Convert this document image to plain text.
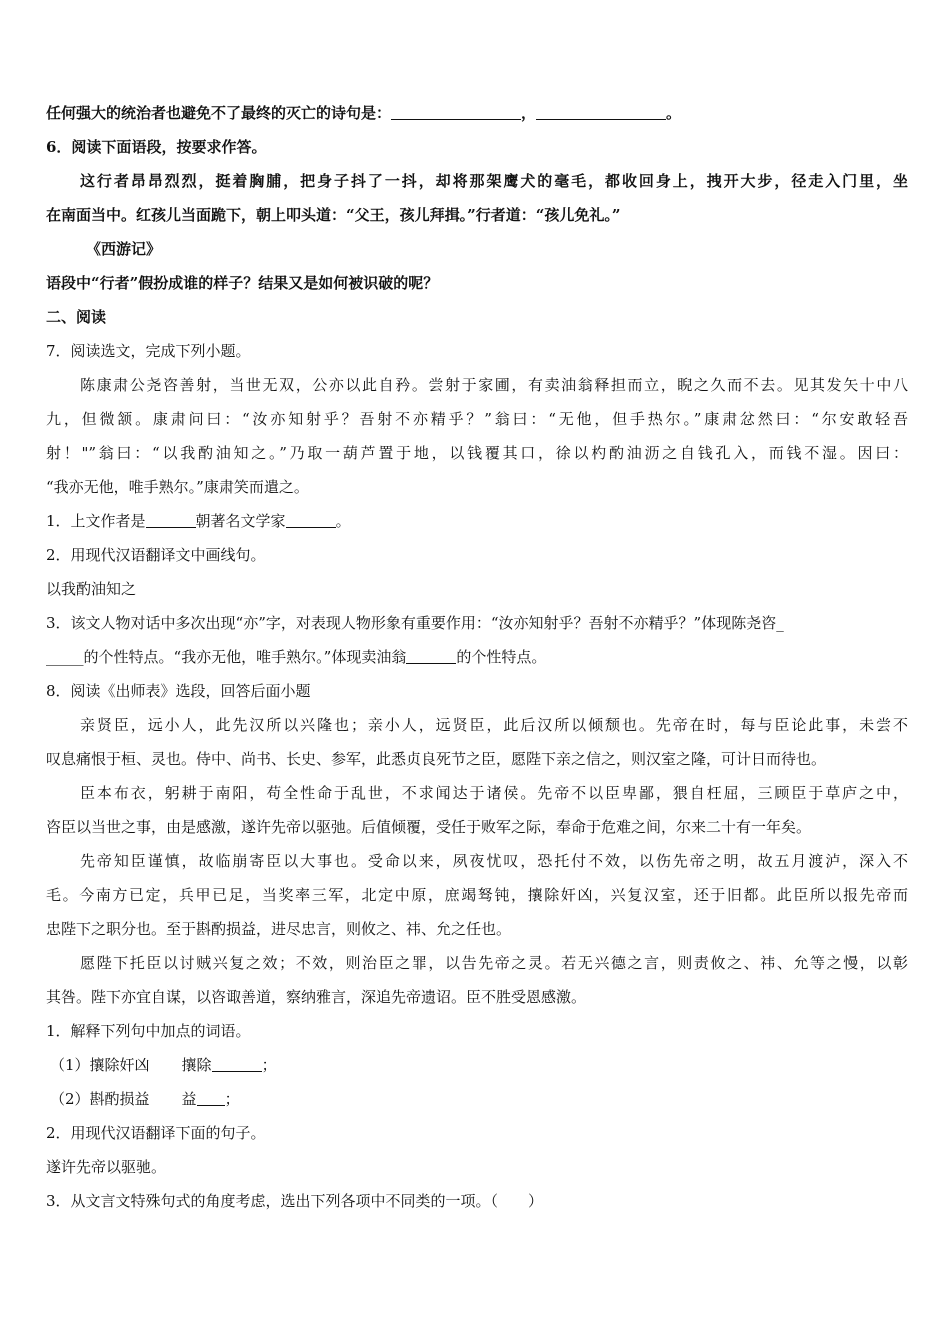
任何强大的统治者也避免不了最终的灭亡的诗句是：	，	。

6．阅读下面语段，按要求作答。

这行者昂昂烈烈，挺着胸脯，把身子抖了一抖，却将那架鹰犬的毫毛，都收回身上，拽开大步，径走入门里，坐

在南面当中。红孩儿当面跪下，朝上叩头道：“父王，孩儿拜揖。”行者道：“孩儿免礼。”

《西游记》

语段中“行者”假扮成谁的样子？结果又是如何被识破的呢？

二、阅读

7．阅读选文，完成下列小题。

陈康肃公尧咨善射，当世无双，公亦以此自矜。尝射于家圃，有卖油翁释担而立，睨之久而不去。见其发矢十中八

九，但微颔。康肃问曰：“汝亦知射乎？吾射不亦精乎？”翁曰：“无他，但手热尔。”康肃忿然曰：“尔安敢轻吾

射！"”翁曰：“以我酌油知之。”乃取一葫芦置于地，以钱覆其口，徐以杓酌油沥之自钱孔入，而钱不湿。因曰：

“我亦无他，唯手熟尔。”康肃笑而遣之。

1．上文作者是	朝著名文学家	。

2．用现代汉语翻译文中画线句。

以我酌油知之

3．该文人物对话中多次出现“亦”字，对表现人物形象有重要作用：“汝亦知射乎？吾射不亦精乎？”体现陈尧咨_

_____的个性特点。“我亦无他，唯手熟尔。”体现卖油翁	的个性特点。

8．阅读《出师表》选段，回答后面小题

亲贤臣，远小人，此先汉所以兴隆也；亲小人，远贤臣，此后汉所以倾颓也。先帝在时，每与臣论此事，未尝不

叹息痛恨于桓、灵也。侍中、尚书、长史、参军，此悉贞良死节之臣，愿陛下亲之信之，则汉室之隆，可计日而待也。

臣本布衣，躬耕于南阳，苟全性命于乱世，不求闻达于诸侯。先帝不以臣卑鄙，猥自枉屈，三顾臣于草庐之中，

咨臣以当世之事，由是感激，遂许先帝以驱弛。后值倾覆，受任于败军之际，奉命于危难之间，尔来二十有一年矣。

先帝知臣谨慎，故临崩寄臣以大事也。受命以来，夙夜忧叹，恐托付不效，以伤先帝之明，故五月渡泸，深入不

毛。今南方已定，兵甲已足，当奖率三军，北定中原，庶竭驽钝，攘除奸凶，兴复汉室，还于旧都。此臣所以报先帝而

忠陛下之职分也。至于斟酌损益，进尽忠言，则攸之、祎、允之任也。

愿陛下托臣以讨贼兴复之效；不效，则治臣之罪，以告先帝之灵。若无兴德之言，则责攸之、祎、允等之慢，以彰

其咎。陛下亦宜自谋，以咨诹善道，察纳雅言，深追先帝遗诏。臣不胜受恩感激。

1．解释下列句中加点的词语。

（1）攘除奸凶 攘除	；

（2）斟酌损益 益 ；

2．用现代汉语翻译下面的句子。

遂许先帝以驱驰。

3．从文言文特殊句式的角度考虑，选出下列各项中不同类的一项。（　　）
